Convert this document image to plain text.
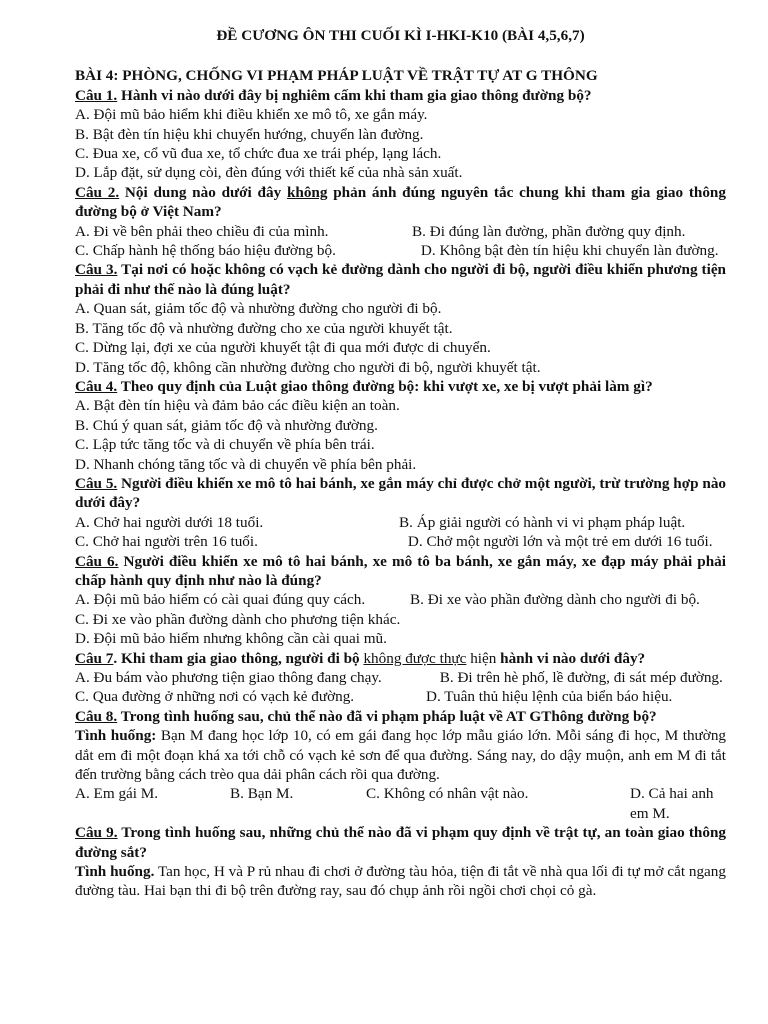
ĐỀ CƯƠNG ÔN THI CUỐI KÌ I-HKI-K10 (BÀI 4,5,6,7)
BÀI 4: PHÒNG, CHỐNG VI PHẠM PHÁP LUẬT VỀ TRẬT TỰ AT G THÔNG
Câu 1. Hành vi nào dưới đây bị nghiêm cấm khi tham gia giao thông đường bộ?
A. Đội mũ bảo hiểm khi điều khiển xe mô tô, xe gắn máy.
B. Bật đèn tín hiệu khi chuyển hướng, chuyển làn đường.
C. Đua xe, cổ vũ đua xe, tổ chức đua xe trái phép, lạng lách.
D. Lắp đặt, sử dụng còi, đèn đúng với thiết kế của nhà sản xuất.
Câu 2. Nội dung nào dưới đây không phản ánh đúng nguyên tắc chung khi tham gia giao thông đường bộ ở Việt Nam?
A. Đi về bên phải theo chiều đi của mình.	B. Đi đúng làn đường, phần đường quy định.
C. Chấp hành hệ thống báo hiệu đường bộ.	D. Không bật đèn tín hiệu khi chuyển làn đường.
Câu 3. Tại nơi có hoặc không có vạch kẻ đường dành cho người đi bộ, người điều khiển phương tiện phải đi như thế nào là đúng luật?
A. Quan sát, giảm tốc độ và nhường đường cho người đi bộ.
B. Tăng tốc độ và nhường đường cho xe của người khuyết tật.
C. Dừng lại, đợi xe của người khuyết tật đi qua mới được di chuyển.
D. Tăng tốc độ, không cần nhường đường cho người đi bộ, người khuyết tật.
Câu 4. Theo quy định của Luật giao thông đường bộ: khi vượt xe, xe bị vượt phải làm gì?
A. Bật đèn tín hiệu và đảm bảo các điều kiện an toàn.
B. Chú ý quan sát, giảm tốc độ và nhường đường.
C. Lập tức tăng tốc và di chuyển về phía bên trái.
D. Nhanh chóng tăng tốc và di chuyển về phía bên phải.
Câu 5. Người điều khiển xe mô tô hai bánh, xe gắn máy chỉ được chở một người, trừ trường hợp nào dưới đây?
A. Chở hai người dưới 18 tuổi.	B. Áp giải người có hành vi vi phạm pháp luật.
C. Chở hai người trên 16 tuổi.	D. Chở một người lớn và một trẻ em dưới 16 tuổi.
Câu 6. Người điều khiển xe mô tô hai bánh, xe mô tô ba bánh, xe gắn máy, xe đạp máy phải phải chấp hành quy định như nào là đúng?
A. Đội mũ bảo hiểm có cài quai đúng quy cách.	B. Đi xe vào phần đường dành cho người đi bộ.
C. Đi xe vào phần đường dành cho phương tiện khác.
D. Đội mũ bảo hiểm nhưng không cần cài quai mũ.
Câu 7. Khi tham gia giao thông, người đi bộ không được thực hiện hành vi nào dưới đây?
A. Đu bám vào phương tiện giao thông đang chạy.	B. Đi trên hè phố, lề đường, đi sát mép đường.
C. Qua đường ở những nơi có vạch kẻ đường.	D. Tuân thủ hiệu lệnh của biển báo hiệu.
Câu 8. Trong tình huống sau, chủ thể nào đã vi phạm pháp luật về AT GThông đường bộ?
Tình huống: Bạn M đang học lớp 10, có em gái đang học lớp mẫu giáo lớn. Mỗi sáng đi học, M thường dắt em đi một đoạn khá xa tới chỗ có vạch kẻ sơn để qua đường. Sáng nay, do dậy muộn, anh em M đi tắt đến trường bằng cách trèo qua dải phân cách rồi qua đường.
A. Em gái M.	B. Bạn M.	C. Không có nhân vật nào.	D. Cả hai anh em M.
Câu 9. Trong tình huống sau, những chủ thể nào đã vi phạm quy định về trật tự, an toàn giao thông đường sắt?
Tình huống. Tan học, H và P rủ nhau đi chơi ở đường tàu hỏa, tiện đi tắt về nhà qua lối đi tự mở cắt ngang đường tàu. Hai bạn thi đi bộ trên đường ray, sau đó chụp ảnh rồi ngồi chơi chọi cỏ gà.
